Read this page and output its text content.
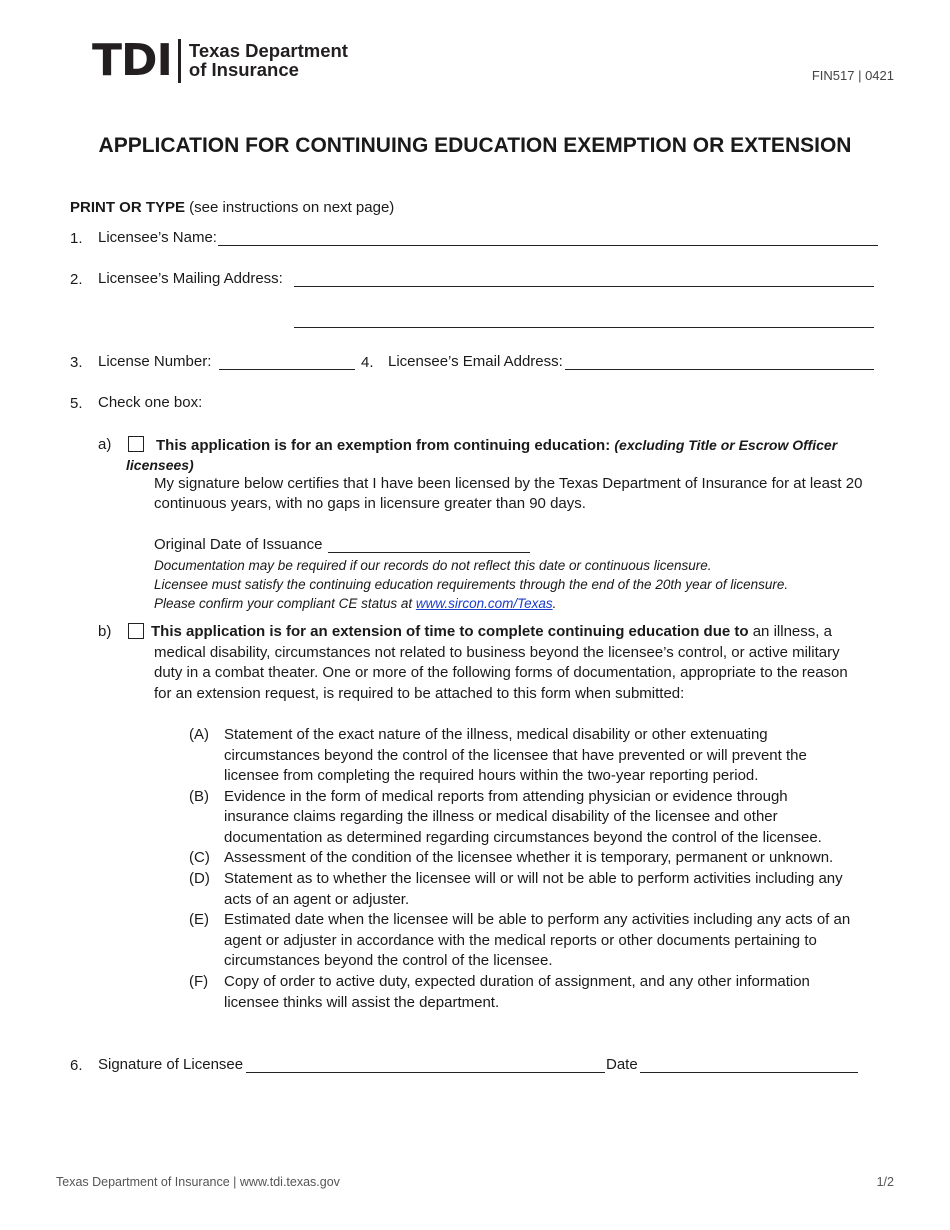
TDI Texas Department
of Insurance	FIN517 | 0421
APPLICATION FOR CONTINUING EDUCATION EXEMPTION OR EXTENSION
PRINT OR TYPE (see instructions on next page)
1. Licensee’s Name:
2. Licensee’s Mailing Address:
3. License Number:	4. Licensee’s Email Address:
5. Check one box:
a)	This application is for an exemption from continuing education: (excluding Title or Escrow Officer
licensees)
My signature below certifies that I have been licensed by the Texas Department of Insurance for at least 20
continuous years, with no gaps in licensure greater than 90 days.
Original Date of Issuance
Documentation may be required if our records do not reflect this date or continuous licensure.
Licensee must satisfy the continuing education requirements through the end of the 20th year of licensure.
Please confirm your compliant CE status at www.sircon.com/Texas.
b)	This application is for an extension of time to complete continuing education due to an illness, a
medical disability, circumstances not related to business beyond the licensee’s control, or active military
duty in a combat theater. One or more of the following forms of documentation, appropriate to the reason
for an extension request, is required to be attached to this form when submitted:
(A) Statement of the exact nature of the illness, medical disability or other extenuating
circumstances beyond the control of the licensee that have prevented or will prevent the
licensee from completing the required hours within the two-year reporting period.
(B) Evidence in the form of medical reports from attending physician or evidence through
insurance claims regarding the illness or medical disability of the licensee and other
documentation as determined regarding circumstances beyond the control of the licensee.
(C) Assessment of the condition of the licensee whether it is temporary, permanent or unknown.
(D) Statement as to whether the licensee will or will not be able to perform activities including any
acts of an agent or adjuster.
(E) Estimated date when the licensee will be able to perform any activities including any acts of an
agent or adjuster in accordance with the medical reports or other documents pertaining to
circumstances beyond the control of the licensee.
(F) Copy of order to active duty, expected duration of assignment, and any other information
licensee thinks will assist the department.
6. Signature of Licensee	Date
Texas Department of Insurance | www.tdi.texas.gov	1/2
